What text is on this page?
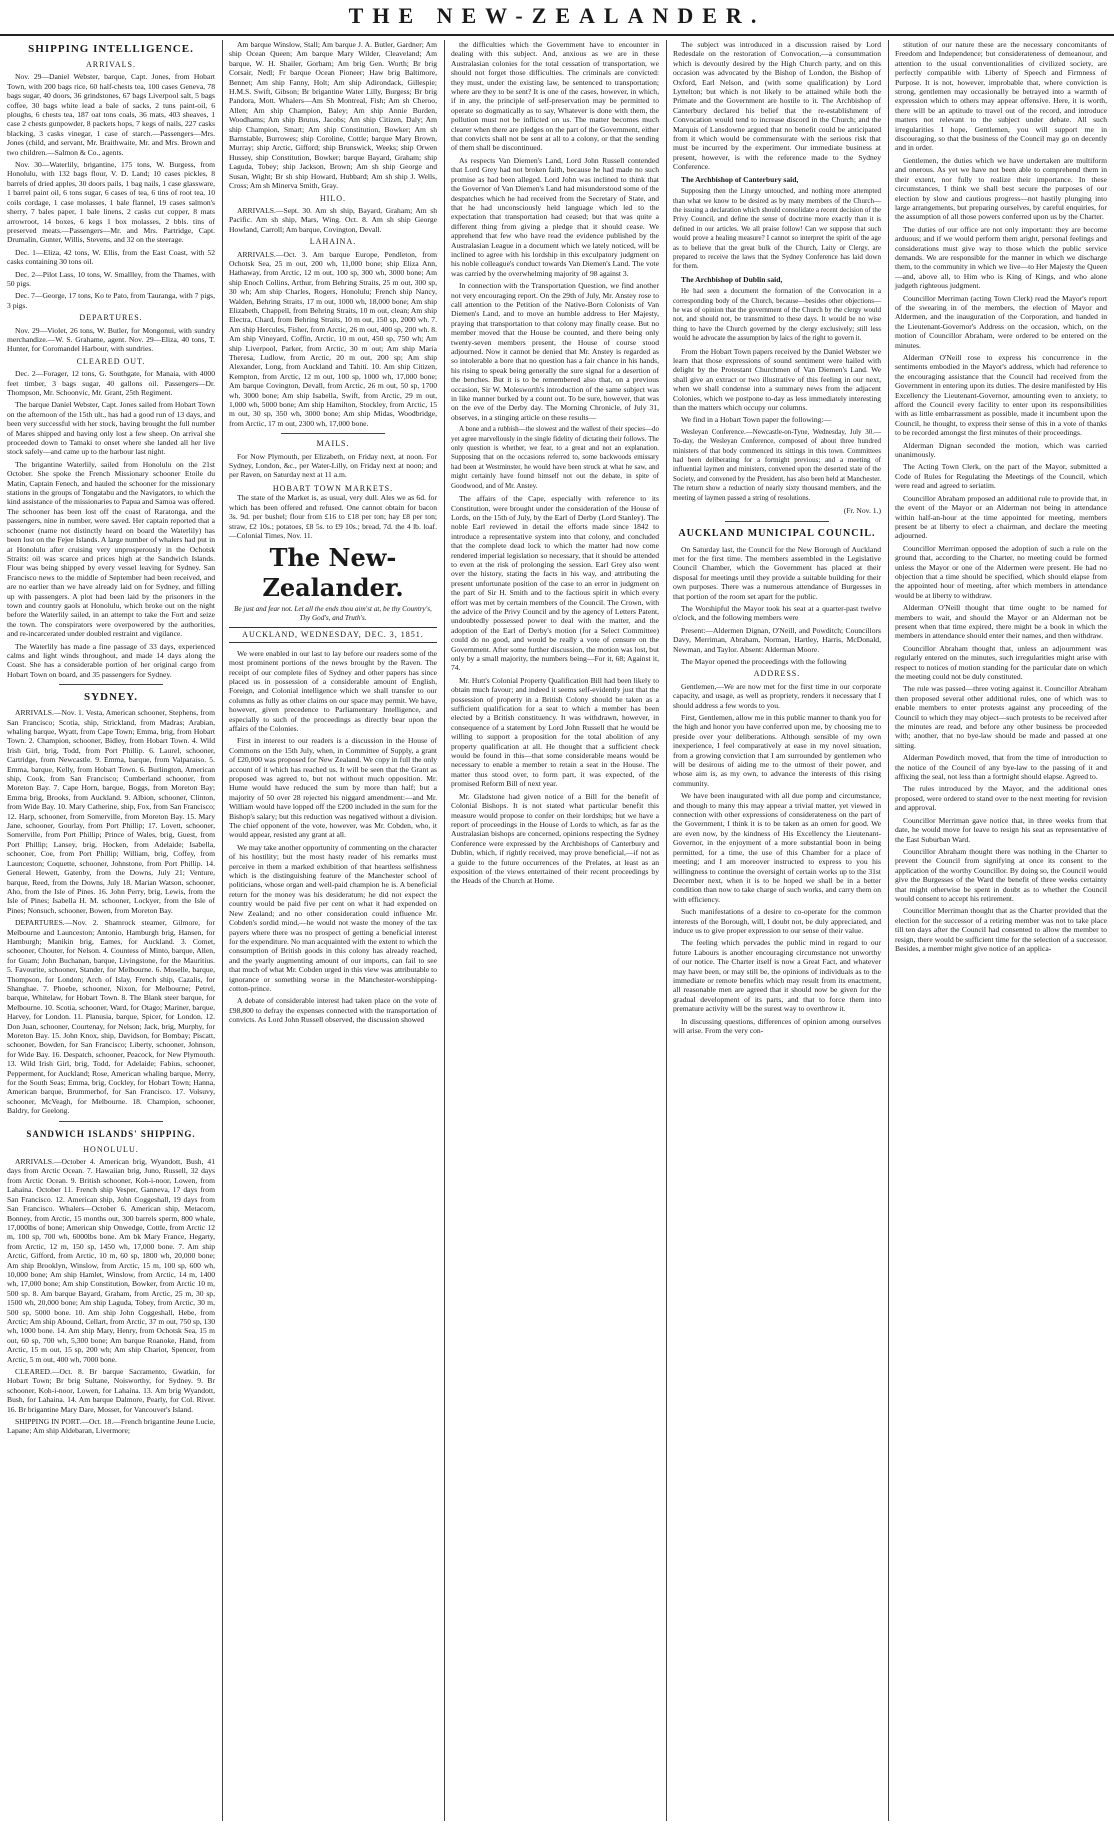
THE NEW-ZEALANDER.
SHIPPING INTELLIGENCE.
ARRIVALS.

Nov. 29—Daniel Webster, barque, Capt. Jones, from Hobart Town, with 200 bags rice, 60 half-chests tea, 100 cases Geneva, 78 bags sugar, 40 doors, 36 grindstones, 67 bags Liverpool salt, 5 bags coffee, 30 bags white lead a bale of sacks, 2 tuns paint-oil, 6 ploughs, 6 chests tea, 187 oat tons coals, 36 mats, 403 sheaves, 1 case 2 chests gunpowder, 8 packets hops, 7 kegs of nails, 227 casks blacking, 3 casks vinegar, 1 case of starch.—Passengers—Mrs. Jones (child, and servant, Mr. Braithwaite, Mr. and Mrs. Brown and two children.—Salmon & Co., agents.

Nov. 30—Waterlily, brigantine, 175 tons, W. Burgess, from Honolulu, with 132 bags flour, V. D. Land; 10 cases pickles, 8 barrels of dried apples, 30 doors pails, 1 bag nails, 1 case glassware, 1 barrel paint oil, 6 tons sugar, 6 cases of tea, 6 tins of root tea, 10 coils cordage, 1 case molasses, 1 bale flannel, 19 cases salmon's sherry, 7 bales paper, 1 bale linens, 2 casks cut copper, 8 mats arrowroot, 14 boxes, 6 kegs 1 box molasses, 2 bbls. tins of preserved meats.—Passengers—Mr. and Mrs. Partridge, Capt. Drumalin, Gunter, Willis, Stevens, and 32 on the steerage.

Dec. 1—Eliza, 42 tons, W. Ellis, from the East Coast, with 52 casks containing 30 tons oil.

Dec. 2—Pilot Lass, 10 tons, W. Smallley, from the Thames, with 50 pigs.

Dec. 7—George, 17 tons, Ko te Pato, from Tauranga, with 7 pigs, 3 pigs.

DEPARTURES.

Nov. 29—Violet, 26 tons, W. Butler, for Mongonui, with sundry merchandize.—W. S. Grahame, agent. Nov. 29—Eliza, 40 tons, T. Hunter, for Coromandel Harbour, with sundries.

CLEARED OUT.

Dec. 2—Forager, 12 tons, G. Southgate, for Manaia, with 4000 feet timber, 3 bags sugar, 40 gallons oil. Passengers—Dr. Thompson, Mr. Schoonvic, Mr. Grant, 25th Regiment.

The barque Daniel Webster, Capt. Jones sailed from Hobart Town on the afternoon of the 15th ult., has had a good run of 13 days, and been very successful with her stock, having brought the full number of Mares shipped and having only lost a few sheep. On arrival she proceeded down to Tamaki to onset where she landed all her live stock safely—and came up to the harbour last night.

The brigantine Waterlily, sailed from Honolulu on the 21st October. She spoke the French Missionary schooner Etoile du Matin, Captain Fenech, and hauled the schooner for the missionary stations in the groups of Tongatabu and the Navigators, to which the kind assistance of the missionaries to Papua and Samoa was offered. The schooner has been lost off the coast of Raratonga, and the passengers, nine in number, were saved. Her captain reported that a schooner (name not distinctly heard on board the Waterlily) has been lost on the Fejee Islands. A large number of whalers had put in at Honolulu after cruising very unprosperously in the Ochotsk Straits: oil was scarce and prices high at the Sandwich Islands. Flour was being shipped by every vessel leaving for Sydney. San Francisco news to the middle of September had been received, and are no earlier than we have already laid on for Sydney, and filling up with passengers. A plot had been laid by the prisoners in the town and country gaols at Honolulu, which broke out on the night before the Waterlily sailed, in an attempt to take the Fort and seize the town. The conspirators were overpowered by the authorities, and re-incarcerated under doubled restraint and vigilance.

The Waterlily has made a fine passage of 33 days, experienced calms and light winds throughout, and made 14 days along the Coast. She has a considerable portion of her original cargo from Hobart Town on board, and 35 passengers for Sydney.

SYDNEY.

ARRIVALS.—Nov. 1. Vesta, American schooner, Stephens, from San Francisco; Scotia, ship, Strickland, from Madras; Arabian, whaling barque, Wyatt, from Cape Town; Emma, brig, from Hobart Town. 2. Champion, schooner, Bidley, from Hobart Town. 4. Wild Irish Girl, brig, Todd, from Port Phillip. 6. Laurel, schooner, Cartridge, from Newcastle. 9. Emma, barque, from Valparaiso. 5. Emma, barque, Kelly, from Hobart Town. 6. Burlington, American ship, Cook, from San Francisco; Cumberland schooner, from Moreton Bay. 7. Cape Horn, barque, Boggs, from Moreton Bay; Emma brig, Brooks, from Auckland. 9. Albion, schooner, Clinton, from Wide Bay. 10. Mary Catherine, ship, Fox, from San Francisco; 12. Harp, schooner, from Somerville, from Moreton Bay. 15. Mary Jane, schooner, Gourlay, from Port Phillip; 17. Lovett, schooner, Somerville, from Port Phillip; Prince of Wales, brig, Guest, from Port Phillip; Lansey, brig, Hocken, from Adelaide; Isabella, schooner, Coe, from Port Phillip; William, brig, Coffey, from Launceston; Coquette, schooner, Johnstone, from Port Phillip. 14. General Hewett, Gatenby, from the Downs, July 21; Venture, barque, Reed, from the Downs, July 18. Marian Watson, schooner, Aho, from the Isle of Pines. 16. John Perry, brig, Lewis, from the Isle of Pines; Isabella H. M. schooner, Lockyer, from the Isle of Pines; Nonsuch, schooner, Bowen, from Moreton Bay.

DEPARTURES.—Nov. 2. Shamrock steamer, Gilmore, for Melbourne and Launceston; Antonio, Hamburgh brig, Hansen, for Hamburgh; Manikin brig, Eames, for Auckland. 3. Comet, schooner, Chouter, for Nelson. 4. Countess of Minto, barque, Allen, for Guam; John Buchanan, barque, Livingstone, for the Mauritius. 5. Favourite, schooner, Stander, for Melbourne. 6. Moselle, barque, Thompson, for London; Arch of Islay, French ship, Cazalis, for Shanghae. 7. Phoebe, schooner, Nixon, for Melbourne; Petrel, barque, Whitelaw, for Hobart Town. 8. The Blank steer barque, for Melbourne. 10. Scotia, schooner, Ward, for Otago; Mariner, barque, Harvey, for London. 11. Planusia, barque, Spicer, for London. 12. Don Juan, schooner, Courtenay, for Nelson; Jack, brig, Murphy, for Moreton Bay. 15. John Knox, ship, Davidson, for Bombay; Piscatt, schooner, Bowden, for San Francisco; Liberty, schooner, Johnson, for Wide Bay. 16. Despatch, schooner, Peacock, for New Plymouth. 13. Wild Irish Girl, brig, Todd, for Adelaide; Fabius, schooner, Pepperment, for Auckland; Rose, American whaling barque, Merry, for the South Seas; Emma, brig, Cockley, for Hobart Town; Hanna, American barque, Brummerhof, for San Francisco. 17. Volsuvy, schooner, McVeagh, for Melbourne. 18. Champion, schooner, Baldry, for Geelong.

SANDWICH ISLANDS' SHIPPING.
HONOLULU.

ARRIVALS.—October 4. American brig, Wyandott, Bush, 41 days from Arctic Ocean. 7. Hawaiian brig, Juno, Russell, 32 days from Arctic Ocean. 9. British schooner, Koh-i-noor, Lowen, from Lahaina. October 11. French ship Vesper, Ganneva, 17 days from San Francisco. 12. American ship, John Coggeshall, 19 days from San Francisco. Whalers—October 6. American ship, Metacom, Bonney, from Arctic, 15 months out, 300 barrels sperm, 800 whale, 17,000lbs of bone; American ship Onwedge, Cottle, from Arctic 12 m, 100 sp, 700 wh, 6000lbs bone. Am bk Mary France, Hegarty, from Arctic, 12 m, 150 sp, 1450 wh, 17,000 bone. 7. Am ship Arctic, Gifford, from Arctic, 10 m, 60 sp, 1800 wh, 20,000 bone; Am ship Brooklyn, Winslow, from Arctic, 15 m, 100 sp, 600 wh, 10,000 bone; Am ship Hamlet, Winslow, from Arctic, 14 m, 1400 wh, 17,000 bone; Am ship Constitution, Bowker, from Arctic 10 m, 500 sp. 8. Am barque Bayard, Graham, from Arctic, 25 m, 30 sp, 1500 wh, 20,000 bone; Am ship Laguda, Tobey, from Arctic, 30 m, 500 sp, 5000 bone. 10. Am ship John Coggeshall, Hebe, from Arctic; Am ship Abound, Cellart, from Arctic, 37 m out, 750 sp, 130 wh, 1000 bone. 14. Am ship Mary, Henry, from Ochotsk Sea, 15 m out, 60 sp, 700 wh, 5,300 bone; Am barque Roanoke, Hand, from Arctic, 15 m out, 15 sp, 200 wh; Am ship Chariot, Spencer, from Arctic, 5 m out, 400 wh, 7000 bone.

CLEARED.—Oct. 8. Br barque Sacramento, Gwatkin, for Hobart Town; Br brig Sultane, Noisworthy, for Sydney. 9. Br schooner, Koh-i-noor, Lowen, for Lahaina. 13. Am brig Wyandott, Bush, for Lahaina. 14. Am barque Dalmore, Pearly, for Col. River. 16. Br brigantine Mary Dare, Mosset, for Vancouver's Island.

SHIPPING IN PORT.—Oct. 18.—French brigantine Jeune Lucie, Lapane; Am ship Aldebaran, Livermore;

Am barque Winslow, Stall; Am barque J. A. Butler, Gardner; Am ship Ocean Queen; Am barque Mary Wilder, Cleaveland; Am barque, W. H. Shailer, Gorham; Am brig Gen. Worth; Br brig Corsair, Nedl; Fr barque Ocean Pioneer; Haw brig Baltimore, Bennet; Am ship Fanny, Holt; Am ship Adirondack, Gillespie; H.M.S. Swift, Gibson; Br brigantine Water Lilly, Burgess; Br brig Pandora, Mott. Whalers—Am Sh Montreal, Fish; Am sh Cheroo, Allen; Am ship Champion, Baley; Am ship Annie Burden, Woodhams; Am ship Brutus, Jacobs; Am ship Citizen, Daly; Am ship Champion, Smart; Am ship Constitution, Bowker; Am sh Barnstable, Burrowes; ship Coroline, Cottle; barque Mary Brown, Murray; ship Arctic, Gifford; ship Brunswick, Weeks; ship Orwen Hussey, ship Constitution, Bowker; barque Bayard, Graham; ship Laguda, Tobey; ship Jackson, Brown; Am sh ship George and Susan, Wight; Br sh ship Howard, Hubbard; Am sh ship J. Wells, Cross; Am sh Minerva Smith, Gray.

HILO.

ARRIVALS.—Sept. 30. Am sh ship, Bayard, Graham; Am sh Pacific. Am sh ship, Mars, Wing. Oct. 8. Am sh ship George Howland, Carroll; Am barque, Covington, Devall.

LAHAINA.

ARRIVALS.—Oct. 3. Am barque Europe, Pendleton, from Ochotsk Sea, 25 m out, 200 wh, 11,000 bone; ship Eliza Ann, Hathaway, from Arctic, 12 m out, 100 sp, 300 wh, 3000 bone; Am ship Enoch Collins, Arthur, from Behring Straits, 25 m out, 300 sp, 30 wh; Am ship Charles, Rogers, Honolulu; French ship Nancy, Walden, Behring Straits, 17 m out, 1000 wh, 18,000 bone; Am ship Elizabeth, Chappell, from Behring Straits, 10 m out, clean; Am ship Electra, Chard, from Behring Straits, 10 m out, 150 sp, 2000 wh. 7. Am ship Hercules, Fisher, from Arctic, 26 m out, 400 sp, 200 wh. 8. Am ship Vineyard, Coffin, Arctic, 10 m out, 450 sp, 750 wh; Am ship Liverpool, Parker, from Arctic, 30 m out; Am ship Maria Theresa, Ludlow, from Arctic, 20 m out, 200 sp; Am ship Alexander, Long, from Auckland and Tahiti. 10. Am ship Citizen, Kempton, from Arctic, 12 m out, 100 sp, 1000 wh, 17,000 bone; Am barque Covington, Devall, from Arctic, 26 m out, 50 sp, 1700 wh, 3000 bone; Am ship Isabella, Swift, from Arctic, 29 m out, 1,000 wh, 5000 bone; Am ship Hamilton, Stockley, from Arctic, 15 m out, 30 sp, 350 wh, 3000 bone; Am ship Midas, Woodbridge, from Arctic, 17 m out, 2300 wh, 17,000 bone.

MAILS.

For Now Plymouth, per Elizabeth, on Friday next, at noon. For Sydney, London, &c., per Water-Lilly, on Friday next at noon; and per Raven, on Saturday next at 11 a.m.

HOBART TOWN MARKETS.

The state of the Market is, as usual, very dull. Ales we as 6d. for which has been offered and refused. One cannot obtain for bacon 3s. 9d. per bushel; flour from £16 to £18 per ton; hay £8 per ton; straw, £2 10s.; potatoes, £8 5s. to £9 10s.; bread, 7d. the 4 lb. loaf.—Colonial Times, Nov. 11.

The New-Zealander.
Be just and fear not. Let all the ends thou aim'st at, be thy Country's, Thy God's, and Truth's.
AUCKLAND, WEDNESDAY, DEC. 3, 1851.

We were enabled in our last to lay before our readers some of the most prominent portions of the news brought by the Raven. The receipt of our complete files of Sydney and other papers has since placed us in possession of a considerable amount of English, Foreign, and Colonial intelligence which we shall transfer to our columns as fully as other claims on our space may permit. We have, however, given precedence to Parliamentary Intelligence, and especially to such of the proceedings as directly bear upon the affairs of the Colonies.

First in interest to our readers is a discussion in the House of Commons on the 15th July, when, in Committee of Supply, a grant of £20,000 was proposed for New Zealand. We copy in full the only account of it which has reached us. It will be seen that the Grant as proposed was agreed to, but not without much opposition. Mr. Hume would have reduced the sum by more than half; but a majority of 50 over 28 rejected his niggard amendment:—and Mr. William would have lopped off the £200 included in the sum for the Bishop's salary; but this reduction was negatived without a division. The chief opponent of the vote, however, was Mr. Cobden, who, it would appear, resisted any grant at all.

We may take another opportunity of commenting on the character of his hostility; but the most hasty reader of his remarks must perceive in them a marked exhibition of that heartless selfishness which is the distinguishing feature of the Manchester school of politicians, whose organ and well-paid champion he is. A beneficial return for the money was his desideratum; he did not expect the country would be paid five per cent on what it had expended on New Zealand; and no other consideration could influence Mr. Cobden's sordid mind,—he would not waste the money of the tax payers where there was no prospect of getting a beneficial interest for the expenditure. No man acquainted with the extent to which the consumption of British goods in this colony has already reached, and the yearly augmenting amount of our imports, can fail to see that much of what Mr. Cobden urged in this view was attributable to ignorance or something worse in the Manchester-worshipping-cotton-prince.

A debate of considerable interest had taken place on the vote of £98,800 to defray the expenses connected with the transportation of convicts. As Lord John Russell observed, the discussion showed

the difficulties which the Government have to encounter in dealing with this subject. And, anxious as we are in these Australasian colonies for the total cessation of transportation, we should not forget those difficulties. The criminals are convicted: they must, under the existing law, be sentenced to transportation; where are they to be sent? It is one of the cases, however, in which, if in any, the principle of self-preservation may be permitted to operate so dogmatically as to say, Whatever is done with them, the pollution must not be inflicted on us. The matter becomes much clearer when there are pledges on the part of the Government, either that convicts shall not be sent at all to a colony, or that the sending of them shall be discontinued.

As respects Van Diemen's Land, Lord John Russell contended that Lord Grey had not broken faith, because he had made no such promise as had been alleged. Lord John was inclined to think that the Governor of Van Diemen's Land had misunderstood some of the despatches which he had received from the Secretary of State, and that he had unconsciously held language which led to the expectation that transportation had ceased; but that was quite a different thing from giving a pledge that it should cease. We apprehend that few who have read the evidence published by the Australasian League in a document which we lately noticed, will be inclined to agree with his lordship in this exculpatory judgment on his noble colleague's conduct towards Van Diemen's Land. The vote was carried by the overwhelming majority of 98 against 3.

In connection with the Transportation Question, we find another not very encouraging report. On the 29th of July, Mr. Anstey rose to call attention to the Petition of the Native-Born Colonists of Van Diemen's Land, and to move an humble address to Her Majesty, praying that transportation to that colony may finally cease. But no member moved that the House be counted, and there being only twenty-seven members present, the House of course stood adjourned. Now it cannot be denied that Mr. Anstey is regarded as so intolerable a bore that no question has a fair chance in his hands, his rising to speak being generally the sure signal for a desertion of the benches. But it is to be remembered also that, on a previous occasion, Sir W. Molesworth's introduction of the same subject was in like manner burked by a count out. To be sure, however, that was on the eve of the Derby day. The Morning Chronicle, of July 31, observes, in a stinging article on these results—

A bone and a rubbish—the slowest and the wallest of their species—do yet agree marvellously in the single fidelity of dictating their follows. The only question is whether, we fear, to a great and not an explanation. Supposing that on the occasions referred to, some backwoods emissary had been at Westminster, he would have been struck at what he saw, and might certainly have found himself not out the debate, in spite of Goodwood, and of Mr. Anstey.

The affairs of the Cape, especially with reference to its Constitution, were brought under the consideration of the House of Lords, on the 15th of July, by the Earl of Derby (Lord Stanley). The noble Earl reviewed in detail the efforts made since 1842 to introduce a representative system into that colony, and concluded that the complete dead lock to which the matter had now come rendered imperial legislation so necessary, that it should be attended to even at the risk of prolonging the session. Earl Grey also went over the history, stating the facts in his way, and attributing the present unfortunate position of the case to an error in judgment on the part of Sir H. Smith and to the factious spirit in which every effort was met by certain members of the Council. The Crown, with the advice of the Privy Council and by the agency of Letters Patent, undoubtedly possessed power to deal with the matter, and the adoption of the Earl of Derby's motion (for a Select Committee) could do no good, and would be really a vote of censure on the Government. After some further discussion, the motion was lost, but only by a small majority, the numbers being—For it, 68; Against it, 74.

Mr. Hutt's Colonial Property Qualification Bill had been likely to obtain much favour; and indeed it seems self-evidently just that the possession of property in a British Colony should be taken as a sufficient qualification for a seat to which a member has been elected by a British constituency. It was withdrawn, however, in consequence of a statement by Lord John Russell that he would be willing to support a proposition for the total abolition of any property qualification at all. He thought that a sufficient check would be found in this—that some considerable means would be necessary to enable a member to retain a seat in the House. The matter thus stood over, to form part, it was expected, of the promised Reform Bill of next year.

Mr. Gladstone had given notice of a Bill for the benefit of Colonial Bishops. It is not stated what particular benefit this measure would propose to confer on their lordships; but we have a report of proceedings in the House of Lords to which, as far as the Australasian bishops are concerned, opinions respecting the Sydney Conference were expressed by the Archbishops of Canterbury and Dublin, which, if rightly received, may prove beneficial,—if not as a guide to the future occurrences of the Prelates, at least as an exposition of the views entertained of their recent proceedings by the Heads of the Church at Home.

The subject was introduced in a discussion raised by Lord Redesdale on the restoration of Convocation,—a consummation which is devoutly desired by the High Church party, and on this occasion was advocated by the Bishop of London, the Bishop of Oxford, Earl Nelson, and (with some qualification) by Lord Lyttelton; but which is not likely to be attained while both the Primate and the Government are hostile to it. The Archbishop of Canterbury declared his belief that the re-establishment of Convocation would tend to increase discord in the Church; and the Marquis of Lansdowne argued that no benefit could be anticipated from it which would be commensurate with the serious risk that must be incurred by the experiment. Our immediate business at present, however, is with the reference made to the Sydney Conference.

The Archbishop of Canterbury said,

Supposing then the Liturgy untouched, and nothing more attempted than what we know to be desired as by many members of the Church—the issuing a declaration which should consolidate a recent decision of the Privy Council, and define the sense of doctrine more exactly than it is defined in our articles. We all praise follow! Can we suppose that such would prove a healing measure? I cannot so interpret the spirit of the age as to believe that the great bulk of the Church, Laity or Clergy, are prepared to receive the laws that the Sydney Conference has laid down for them.

The Archbishop of Dublin said,

He had seen a document the formation of the Convocation in a corresponding body of the Church, because—besides other objections—he was of opinion that the government of the Church by the clergy would not, and should not, be transmitted to these days. It would be no wise thing to have the Church governed by the clergy exclusively; still less would he advocate the assumption by laics of the right to govern it.

From the Hobart Town papers received by the Daniel Webster we learn that those expressions of sound sentiment were hailed with delight by the Protestant Churchmen of Van Diemen's Land. We shall give an extract or two illustrative of this feeling in our next, when we shall condense into a summary news from the adjacent Colonies, which we postpone to-day as less immediately interesting than the matters which occupy our columns.

We find in a Hobart Town paper the following:—

Wesleyan Conference.—Newcastle-on-Tyne, Wednesday, July 30.—To-day, the Wesleyan Conference, composed of about three hundred ministers of that body commenced its sittings in this town. Committees had been deliberating for a fortnight previous; and a meeting of influential laymen and ministers, convened upon the deserted state of the Society, and convened by the President, has also been held at Manchester. The return show a reduction of nearly sixty thousand members, and the meeting of laymen passed a string of resolutions.

(Fr. Nov. 1.)

AUCKLAND MUNICIPAL COUNCIL.

On Saturday last, the Council for the New Borough of Auckland met for the first time. The members assembled in the Legislative Council Chamber, which the Government has placed at their disposal for meetings until they provide a suitable building for their own purposes. There was a numerous attendance of Burgesses in that portion of the room set apart for the public.

The Worshipful the Mayor took his seat at a quarter-past twelve o'clock, and the following members were

Present:—Aldermen Dignan, O'Neill, and Powditch; Councillors Davy, Merriman, Abraham, Norman, Hartley, Harris, McDonald, Newman, and Taylor. Absent: Alderman Moore.

The Mayor opened the proceedings with the following

ADDRESS.

Gentlemen,—We are now met for the first time in our corporate capacity, and usage, as well as propriety, renders it necessary that I should address a few words to you.

First, Gentlemen, allow me in this public manner to thank you for the high and honor you have conferred upon me, by choosing me to preside over your deliberations. Although sensible of my own inexperience, I feel comparatively at ease in my novel situation, from a growing conviction that I am surrounded by gentlemen who will be desirous of aiding me to the utmost of their power, and whose aim is, as my own, to advance the interests of this rising community.

We have been inaugurated with all due pomp and circumstance, and though to many this may appear a trivial matter, yet viewed in connection with other expressions of considerateness on the part of the Government, I think it is to be taken as an omen for good. We are even now, by the kindness of His Excellency the Lieutenant-Governor, in the enjoyment of a more substantial boon in being permitted, for a time, the use of this Chamber for a place of meeting; and I am moreover instructed to express to you his willingness to continue the oversight of certain works up to the 31st December next, when it is to be hoped we shall be in a better condition than now to take charge of such works, and carry them on with efficiency.

Such manifestations of a desire to co-operate for the common interests of the Borough, will, I doubt not, be duly appreciated, and induce us to give proper expression to our sense of their value.

The feeling which pervades the public mind in regard to our future Labours is another encouraging circumstance not unworthy of our notice. The Charter itself is now a Great Fact, and whatever may have been, or may still be, the opinions of individuals as to the immediate or remote benefits which may result from its enactment, all reasonable men are agreed that it should now be given for the gradual development of its parts, and that to force them into premature activity will be the surest way to overthrow it.

In discussing questions, differences of opinion among ourselves will arise. From the very con-

stitution of our nature these are the necessary concomitants of Freedom and Independence; but considerateness of demeanour, and attention to the usual conventionalities of civilized society, are perfectly compatible with Liberty of Speech and Firmness of Purpose. It is not, however, improbable that, where conviction is strong, gentlemen may occasionally be betrayed into a warmth of expression which to others may appear offensive. Here, it is worth, there will be an aptitude to travel out of the record, and introduce matters not relevant to the subject under debate. All such irregularities I hope, Gentlemen, you will support me in discouraging, so that the business of the Council may go on decently and in order.

Gentlemen, the duties which we have undertaken are multiform and onerous. As yet we have not been able to comprehend them in their extent, nor fully to realize their importance. In these circumstances, I think we shall best secure the purposes of our election by slow and cautious progress—not hastily plunging into large arrangements, but preparing ourselves, by careful enquiries, for the assumption of all those powers conferred upon us by the Charter.

The duties of our office are not only important: they are become arduous; and if we would perform them aright, personal feelings and considerations must give way to those which the public service demands. We are responsible for the manner in which we discharge them, to the community in which we live—to Her Majesty the Queen—and, above all, to Him who is King of Kings, and who alone judgeth righteous judgment.

Councillor Merriman (acting Town Clerk) read the Mayor's report of the swearing in of the members, the election of Mayor and Aldermen, and the inauguration of the Corporation, and handed in the Lieutenant-Governor's Address on the occasion, which, on the motion of Councillor Abraham, were ordered to be entered on the minutes.

Alderman O'Neill rose to express his concurrence in the sentiments embodied in the Mayor's address, which had reference to the encouraging assistance that the Council had received from the Government in entering upon its duties. The desire manifested by His Excellency the Lieutenant-Governor, amounting even to anxiety, to afford the Council every facility to enter upon its responsibilities with as little embarrassment as possible, made it incumbent upon the Council, he thought, to express their sense of this in a vote of thanks to be recorded amongst the first minutes of their proceedings.

Alderman Dignan seconded the motion, which was carried unanimously.

The Acting Town Clerk, on the part of the Mayor, submitted a Code of Rules for Regulating the Meetings of the Council, which were read and agreed to seriatim.

Councillor Abraham proposed an additional rule to provide that, in the event of the Mayor or an Alderman not being in attendance within half-an-hour at the time appointed for meeting, members present be at liberty to elect a chairman, and declare the meeting adjourned.

Councillor Merriman opposed the adoption of such a rule on the ground that, according to the Charter, no meeting could be formed unless the Mayor or one of the Aldermen were present. He had no objection that a time should be specified, which should elapse from the appointed hour of meeting, after which members in attendance would be at liberty to withdraw.

Alderman O'Neill thought that time ought to be named for members to wait, and should the Mayor or an Alderman not be present when that time expired, there might be a book in which the members in attendance should enter their names, and then withdraw.

Councillor Abraham thought that, unless an adjournment was regularly entered on the minutes, such irregularities might arise with respect to notices of motion standing for the particular date on which the meeting could not be duly constituted.

The rule was passed—three voting against it. Councillor Abraham then proposed several other additional rules, one of which was to enable members to enter protests against any proceeding of the Council to which they may object—such protests to be received after the minutes are read, and before any other business be proceeded with; another, that no bye-law should be made and passed at one sitting.

Alderman Powditch moved, that from the time of introduction to the notice of the Council of any bye-law to the passing of it and affixing the seal, not less than a fortnight should elapse. Agreed to.

The rules introduced by the Mayor, and the additional ones proposed, were ordered to stand over to the next meeting for revision and approval.

Councillor Merriman gave notice that, in three weeks from that date, he would move for leave to resign his seat as representative of the East Suburban Ward.

Councillor Abraham thought there was nothing in the Charter to prevent the Council from signifying at once its consent to the application of the worthy Councillor. By doing so, the Council would give the Burgesses of the Ward the benefit of three weeks certainty that might otherwise be spent in doubt as to whether the Council would consent to accept his retirement.

Councillor Merriman thought that as the Charter provided that the election for the successor of a retiring member was not to take place till ten days after the Council had consented to allow the member to resign, there would be sufficient time for the selection of a successor. Besides, a member might give notice of an applica-
